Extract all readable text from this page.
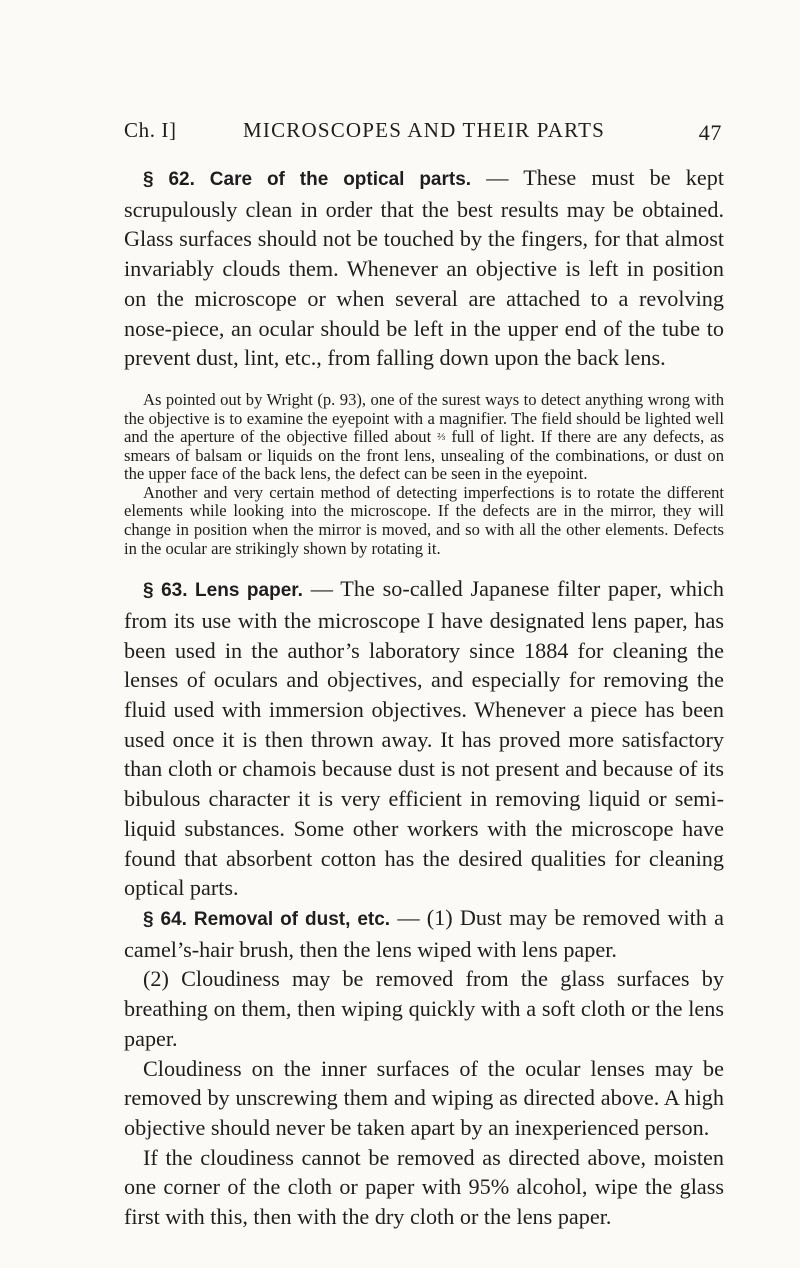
Ch. I]	MICROSCOPES AND THEIR PARTS	47

§ 62. Care of the optical parts. — These must be kept scrupulously clean in order that the best results may be obtained. Glass surfaces should not be touched by the fingers, for that almost invariably clouds them. Whenever an objective is left in position on the microscope or when several are attached to a revolving nose-piece, an ocular should be left in the upper end of the tube to prevent dust, lint, etc., from falling down upon the back lens.

As pointed out by Wright (p. 93), one of the surest ways to detect anything wrong with the objective is to examine the eyepoint with a magnifier. The field should be lighted well and the aperture of the objective filled about ⅔ full of light. If there are any defects, as smears of balsam or liquids on the front lens, unsealing of the combinations, or dust on the upper face of the back lens, the defect can be seen in the eyepoint.

Another and very certain method of detecting imperfections is to rotate the different elements while looking into the microscope. If the defects are in the mirror, they will change in position when the mirror is moved, and so with all the other elements. Defects in the ocular are strikingly shown by rotating it.

§ 63. Lens paper. — The so-called Japanese filter paper, which from its use with the microscope I have designated lens paper, has been used in the author’s laboratory since 1884 for cleaning the lenses of oculars and objectives, and especially for removing the fluid used with immersion objectives. Whenever a piece has been used once it is then thrown away. It has proved more satisfactory than cloth or chamois because dust is not present and because of its bibulous character it is very efficient in removing liquid or semi-liquid substances. Some other workers with the microscope have found that absorbent cotton has the desired qualities for cleaning optical parts.

§ 64. Removal of dust, etc. — (1) Dust may be removed with a camel’s-hair brush, then the lens wiped with lens paper.

(2) Cloudiness may be removed from the glass surfaces by breathing on them, then wiping quickly with a soft cloth or the lens paper.

Cloudiness on the inner surfaces of the ocular lenses may be removed by unscrewing them and wiping as directed above. A high objective should never be taken apart by an inexperienced person.

If the cloudiness cannot be removed as directed above, moisten one corner of the cloth or paper with 95% alcohol, wipe the glass first with this, then with the dry cloth or the lens paper.
